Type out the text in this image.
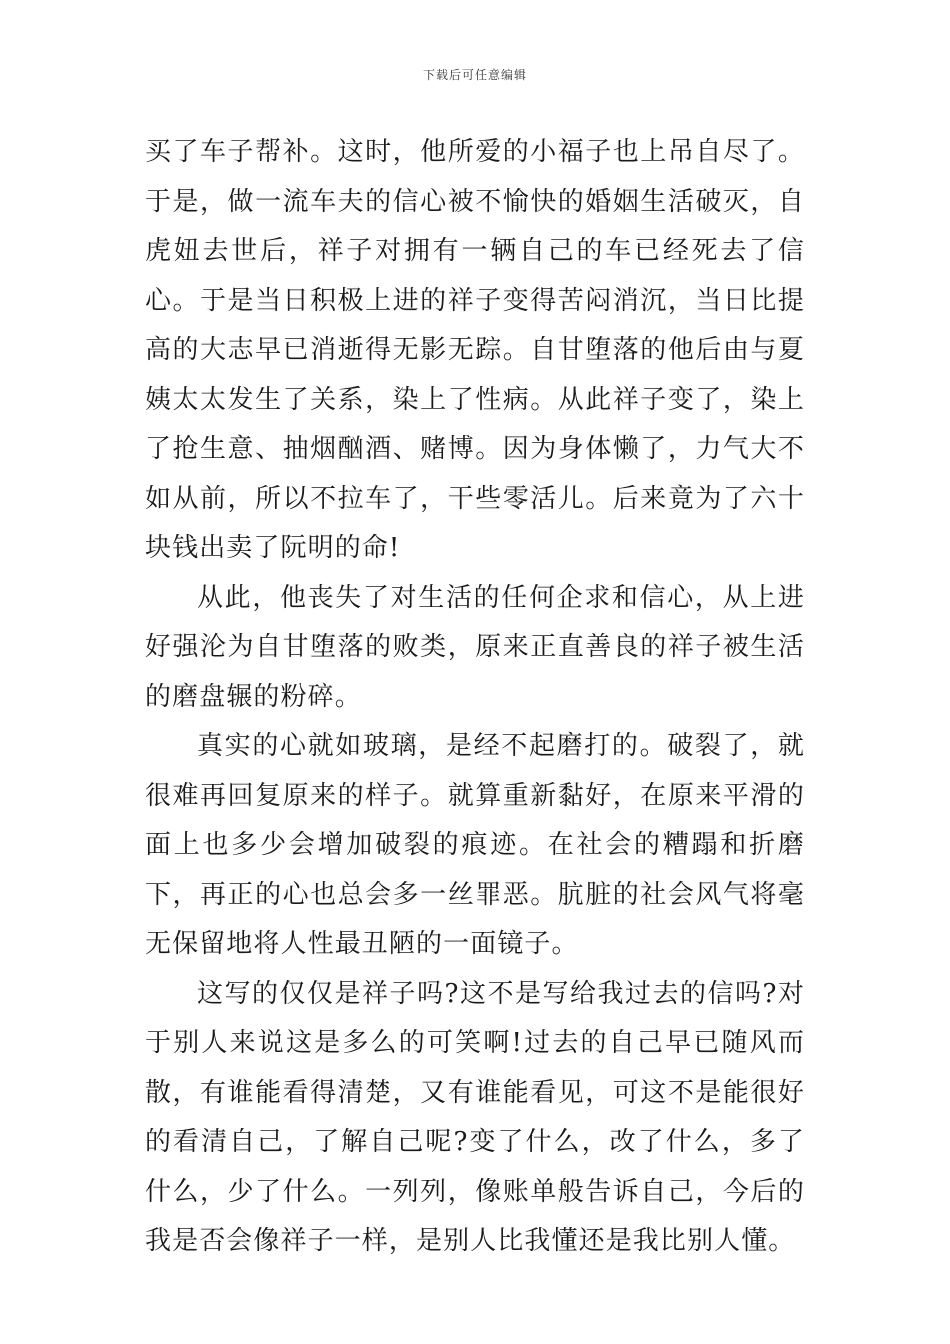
下载后可任意编辑

买了车子帮补。这时，他所爱的小福子也上吊自尽了。于是，做一流车夫的信心被不愉快的婚姻生活破灭，自虎妞去世后，祥子对拥有一辆自己的车已经死去了信心。于是当日积极上进的祥子变得苦闷消沉，当日比提高的大志早已消逝得无影无踪。自甘堕落的他后由与夏姨太太发生了关系，染上了性病。从此祥子变了，染上了抢生意、抽烟酗酒、赌博。因为身体懒了，力气大不如从前，所以不拉车了，干些零活儿。后来竟为了六十块钱出卖了阮明的命!

从此，他丧失了对生活的任何企求和信心，从上进好强沦为自甘堕落的败类，原来正直善良的祥子被生活的磨盘辗的粉碎。

真实的心就如玻璃，是经不起磨打的。破裂了，就很难再回复原来的样子。就算重新黏好，在原来平滑的面上也多少会增加破裂的痕迹。在社会的糟蹋和折磨下，再正的心也总会多一丝罪恶。肮脏的社会风气将毫无保留地将人性最丑陋的一面镜子。

这写的仅仅是祥子吗?这不是写给我过去的信吗?对于别人来说这是多么的可笑啊!过去的自己早已随风而散，有谁能看得清楚，又有谁能看见，可这不是能很好的看清自己，了解自己呢?变了什么，改了什么，多了什么，少了什么。一列列，像账单般告诉自己，今后的我是否会像祥子一样，是别人比我懂还是我比别人懂。
